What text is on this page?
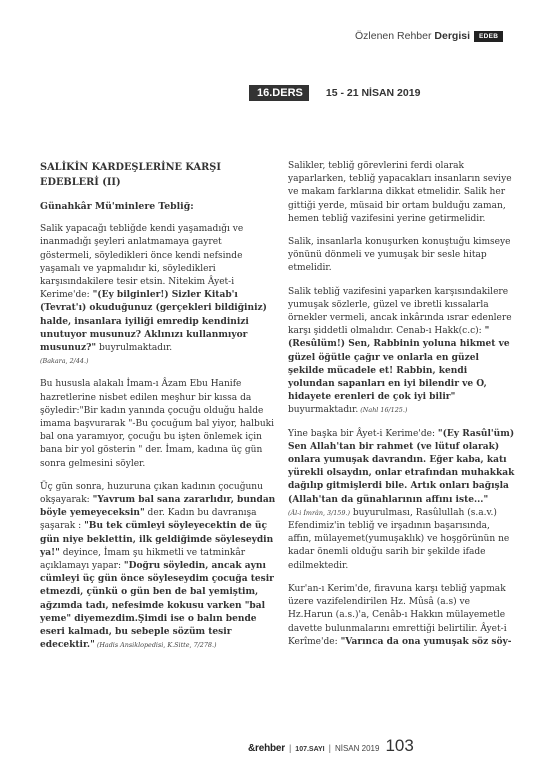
Özlenen Rehber Dergisi	EDEB
16.DERS	15 - 21 NİSAN 2019
SALİKİN KARDEŞLERİNE KARŞI EDEBLERİ (II)
Günahkâr Mü'minlere Tebliğ:

Salik yapacağı tebliğde kendi yaşamadığı ve inanmadığı şeyleri anlatmamaya gayret göstermeli, söyledikleri önce kendi nefsinde yaşamalı ve yapmalıdır ki, söyledikleri karşısındakilere tesir etsin. Nitekim Âyet-i Kerime'de: "(Ey bilginler!) Sizler Kitab'ı (Tevrat'ı) okuduğunuz (gerçekleri bildiğiniz) halde, insanlara iyiliği emredip kendinizi unutuyor musunuz? Aklınızı kullanmıyor musunuz?" buyrulmaktadır.
(Bakara, 2/44.)

Bu hususla alakalı İmam-ı Âzam Ebu Hanife hazretlerine nisbet edilen meşhur bir kıssa da şöyledir:"Bir kadın yanında çocuğu olduğu halde imama başvurarak "-Bu çocuğum bal yiyor, halbuki bal ona yaramıyor, çocuğu bu işten önlemek için bana bir yol gösterin " der. İmam, kadına üç gün sonra gelmesini söyler.

Üç gün sonra, huzuruna çıkan kadının çocuğunu okşayarak: "Yavrum bal sana zararlıdır, bundan böyle yemeyeceksin" der. Kadın bu davranışa şaşarak : "Bu tek cümleyi söyleyecektin de üç gün niye beklettin, ilk geldiğimde söyleseydin ya!" deyince, İmam şu hikmetli ve tatminkâr açıklamayı yapar: "Doğru söyledin, ancak aynı cümleyi üç gün önce söyleseydim çocuğa tesir etmezdi, çünkü o gün ben de bal yemiştim, ağzımda tadı, nefesimde kokusu varken "bal yeme" diyemezdim.Şimdi ise o balın bende eseri kalmadı, bu sebeple sözüm tesir edecektir." (Hadis Ansiklopedisi, K.Sitte, 7/278.)

Salikler, tebliğ görevlerini ferdi olarak yaparlarken, tebliğ yapacakları insanların seviye ve makam farklarına dikkat etmelidir. Salik her gittiği yerde, müsaid bir ortam bulduğu zaman, hemen tebliğ vazifesini yerine getirmelidir.

Salik, insanlarla konuşurken konuştuğu kimseye yönünü dönmeli ve yumuşak bir sesle hitap etmelidir.

Salik tebliğ vazifesini yaparken karşısındakilere yumuşak sözlerle, güzel ve ibretli kıssalarla örnekler vermeli, ancak inkârında ısrar edenlere karşı şiddetli olmalıdır. Cenab-ı Hakk(c.c): "(Resûlüm!) Sen, Rabbinin yoluna hikmet ve güzel öğütle çağır ve onlarla en güzel şekilde mücadele et! Rabbin, kendi yolundan sapanları en iyi bilendir ve O, hidayete erenleri de çok iyi bilir" buyurmaktadır. (Nahl 16/125.)

Yine başka bir Âyet-i Kerime'de: "(Ey Rasûl'üm) Sen Allah'tan bir rahmet (ve lütuf olarak) onlara yumuşak davrandın. Eğer kaba, katı yürekli olsaydın, onlar etrafından muhakkak dağılıp gitmişlerdi bile. Artık onları bağışla (Allah'tan da günahlarının affını iste..."
(Âl-i İmrân, 3/159.) buyurulması, Rasûlullah (s.a.v.) Efendimiz'in tebliğ ve irşadının başarısında, affın, mülayemet(yumuşaklık) ve hoşgörünün ne kadar önemli olduğu sarih bir şekilde ifade edilmektedir.

Kur'an-ı Kerim'de, firavuna karşı tebliğ yapmak üzere vazifelendirilen Hz. Mûsâ (a.s) ve Hz.Harun (a.s.)'a, Cenâb-ı Hakkın mülayemetle davette bulunmalarını emrettiği belirtilir. Âyet-i Kerîme'de: "Varınca da ona yumuşak söz söy-

&rehber | 107.SAYI | NİSAN 2019 103
